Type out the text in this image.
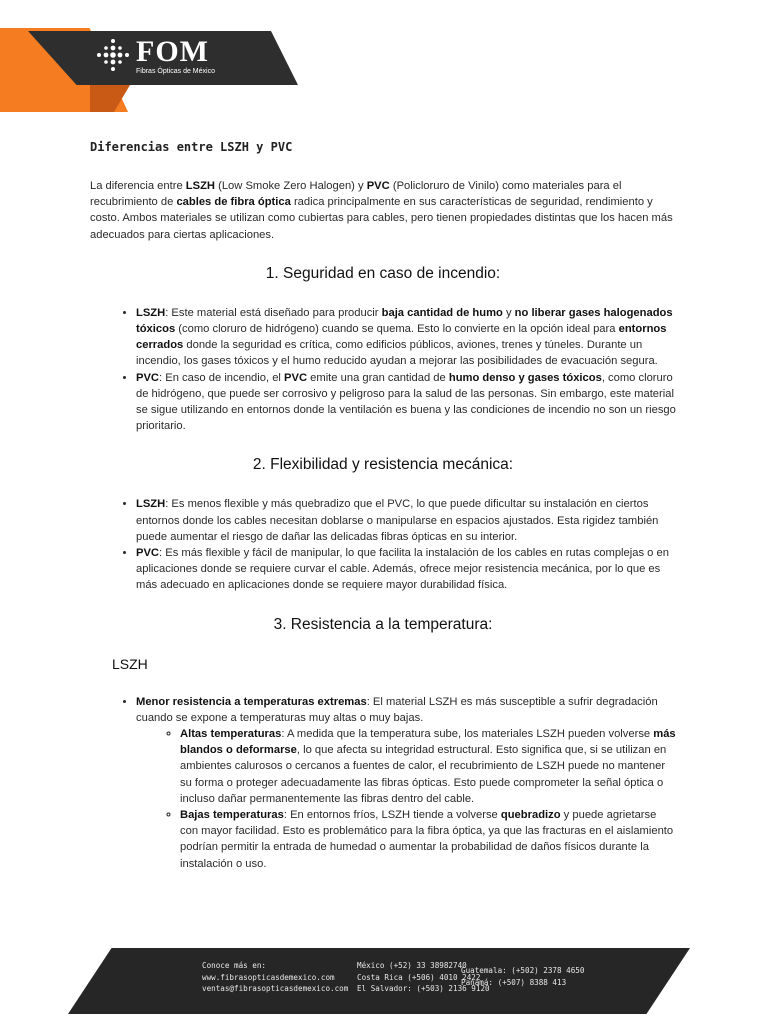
FOM
Fibras Ópticas de México
Diferencias entre LSZH y PVC

La diferencia entre LSZH (Low Smoke Zero Halogen) y PVC (Policloruro de Vinilo) como materiales para el recubrimiento de cables de fibra óptica radica principalmente en sus características de seguridad, rendimiento y costo. Ambos materiales se utilizan como cubiertas para cables, pero tienen propiedades distintas que los hacen más adecuados para ciertas aplicaciones.

1. Seguridad en caso de incendio:
• LSZH: Este material está diseñado para producir baja cantidad de humo y no liberar gases halogenados tóxicos (como cloruro de hidrógeno) cuando se quema. Esto lo convierte en la opción ideal para entornos cerrados donde la seguridad es crítica, como edificios públicos, aviones, trenes y túneles. Durante un incendio, los gases tóxicos y el humo reducido ayudan a mejorar las posibilidades de evacuación segura.
• PVC: En caso de incendio, el PVC emite una gran cantidad de humo denso y gases tóxicos, como cloruro de hidrógeno, que puede ser corrosivo y peligroso para la salud de las personas. Sin embargo, este material se sigue utilizando en entornos donde la ventilación es buena y las condiciones de incendio no son un riesgo prioritario.
2. Flexibilidad y resistencia mecánica:
• LSZH: Es menos flexible y más quebradizo que el PVC, lo que puede dificultar su instalación en ciertos entornos donde los cables necesitan doblarse o manipularse en espacios ajustados. Esta rigidez también puede aumentar el riesgo de dañar las delicadas fibras ópticas en su interior.
• PVC: Es más flexible y fácil de manipular, lo que facilita la instalación de los cables en rutas complejas o en aplicaciones donde se requiere curvar el cable. Además, ofrece mejor resistencia mecánica, por lo que es más adecuado en aplicaciones donde se requiere mayor durabilidad física.
3. Resistencia a la temperatura:
LSZH
• Menor resistencia a temperaturas extremas: El material LSZH es más susceptible a sufrir degradación cuando se expone a temperaturas muy altas o muy bajas.
◦ Altas temperaturas: A medida que la temperatura sube, los materiales LSZH pueden volverse más blandos o deformarse, lo que afecta su integridad estructural. Esto significa que, si se utilizan en ambientes calurosos o cercanos a fuentes de calor, el recubrimiento de LSZH puede no mantener su forma o proteger adecuadamente las fibras ópticas. Esto puede comprometer la señal óptica o incluso dañar permanentemente las fibras dentro del cable.
◦ Bajas temperaturas: En entornos fríos, LSZH tiende a volverse quebradizo y puede agrietarse con mayor facilidad. Esto es problemático para la fibra óptica, ya que las fracturas en el aislamiento podrían permitir la entrada de humedad o aumentar la probabilidad de daños físicos durante la instalación o uso.
Conoce más en:
www.fibrasopticasdemexico.com
ventas@fibrasopticasdemexico.com
México (+52) 33 38982740
Costa Rica (+506) 4010 2422
El Salvador: (+503) 2136 9120
Guatemala: (+502) 2378 4650
Panamá: (+507) 8388 413
